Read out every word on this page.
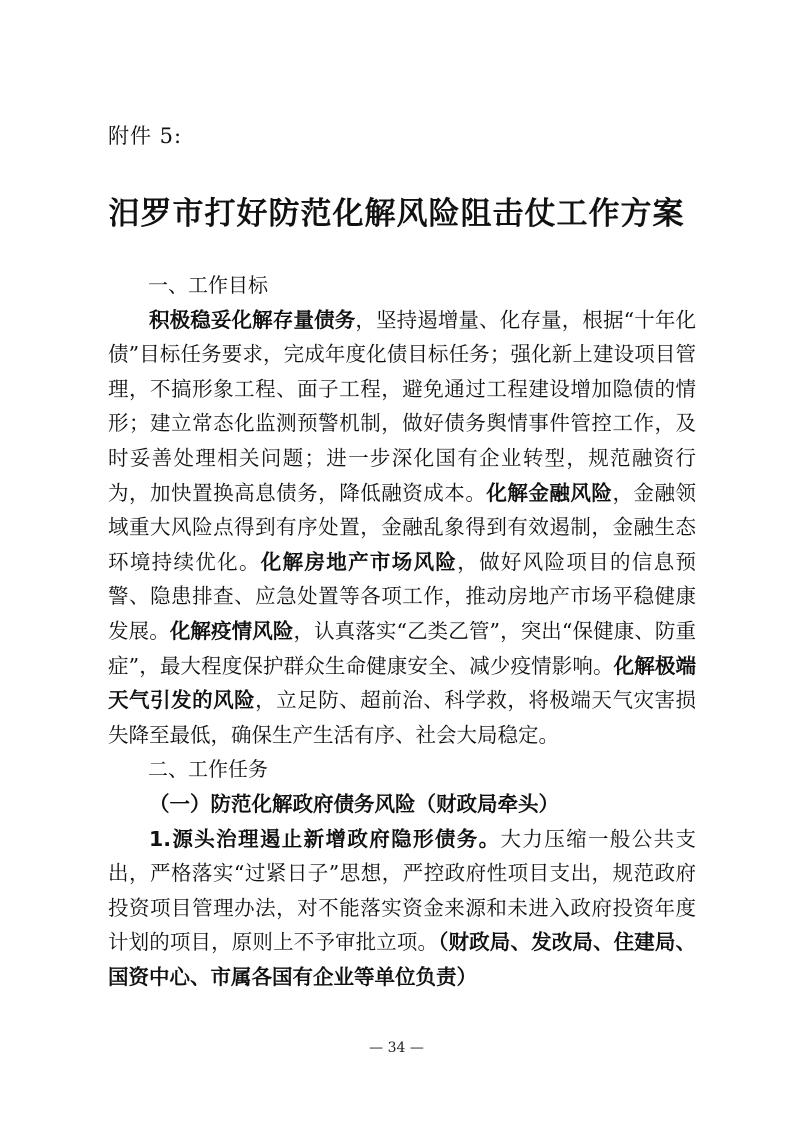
附件 5:
汨罗市打好防范化解风险阻击仗工作方案

一、工作目标

积极稳妥化解存量债务，坚持遏增量、化存量，根据“十年化债”目标任务要求，完成年度化债目标任务；强化新上建设项目管理，不搞形象工程、面子工程，避免通过工程建设增加隐债的情形；建立常态化监测预警机制，做好债务舆情事件管控工作，及时妥善处理相关问题；进一步深化国有企业转型，规范融资行为，加快置换高息债务，降低融资成本。化解金融风险，金融领域重大风险点得到有序处置，金融乱象得到有效遏制，金融生态环境持续优化。化解房地产市场风险，做好风险项目的信息预警、隐患排查、应急处置等各项工作，推动房地产市场平稳健康发展。化解疫情风险，认真落实“乙类乙管”，突出“保健康、防重症”，最大程度保护群众生命健康安全、减少疫情影响。化解极端天气引发的风险，立足防、超前治、科学救，将极端天气灾害损失降至最低，确保生产生活有序、社会大局稳定。

二、工作任务

（一）防范化解政府债务风险（财政局牵头）

1.源头治理遏止新增政府隐形债务。大力压缩一般公共支出，严格落实“过紧日子”思想，严控政府性项目支出，规范政府投资项目管理办法，对不能落实资金来源和未进入政府投资年度计划的项目，原则上不予审批立项。（财政局、发改局、住建局、国资中心、市属各国有企业等单位负责）

— 34 —
